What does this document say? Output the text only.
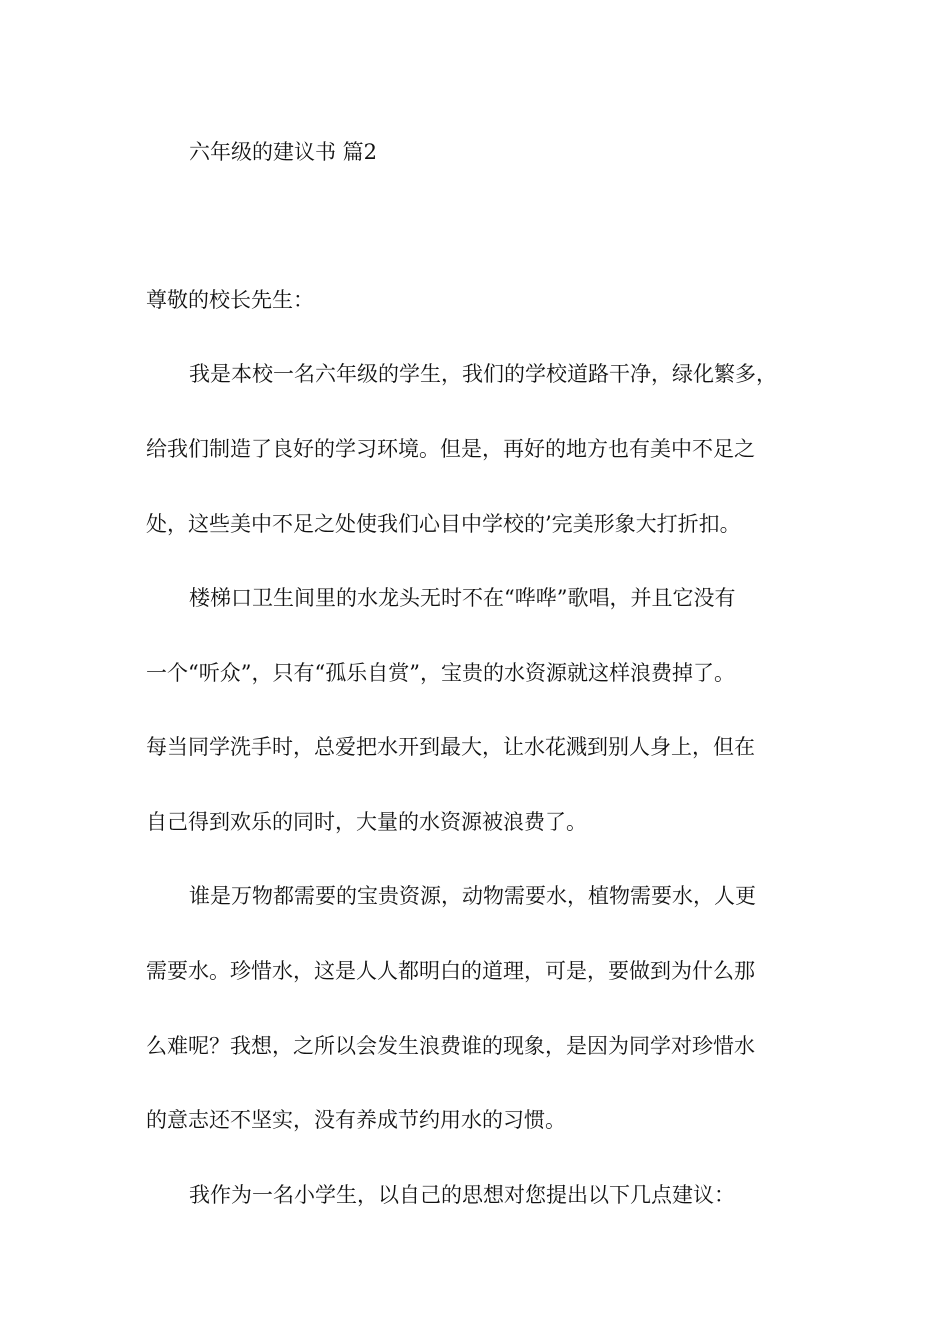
六年级的建议书 篇2
尊敬的校长先生：
我是本校一名六年级的学生，我们的学校道路干净，绿化繁多，
给我们制造了良好的学习环境。但是，再好的地方也有美中不足之
处，这些美中不足之处使我们心目中学校的’完美形象大打折扣。
楼梯口卫生间里的水龙头无时不在“哗哗”歌唱，并且它没有
一个“听众”，只有“孤乐自赏”，宝贵的水资源就这样浪费掉了。
每当同学洗手时，总爱把水开到最大，让水花溅到别人身上，但在
自己得到欢乐的同时，大量的水资源被浪费了。
谁是万物都需要的宝贵资源，动物需要水，植物需要水，人更
需要水。珍惜水，这是人人都明白的道理，可是，要做到为什么那
么难呢？我想，之所以会发生浪费谁的现象，是因为同学对珍惜水
的意志还不坚实，没有养成节约用水的习惯。
我作为一名小学生，以自己的思想对您提出以下几点建议：
